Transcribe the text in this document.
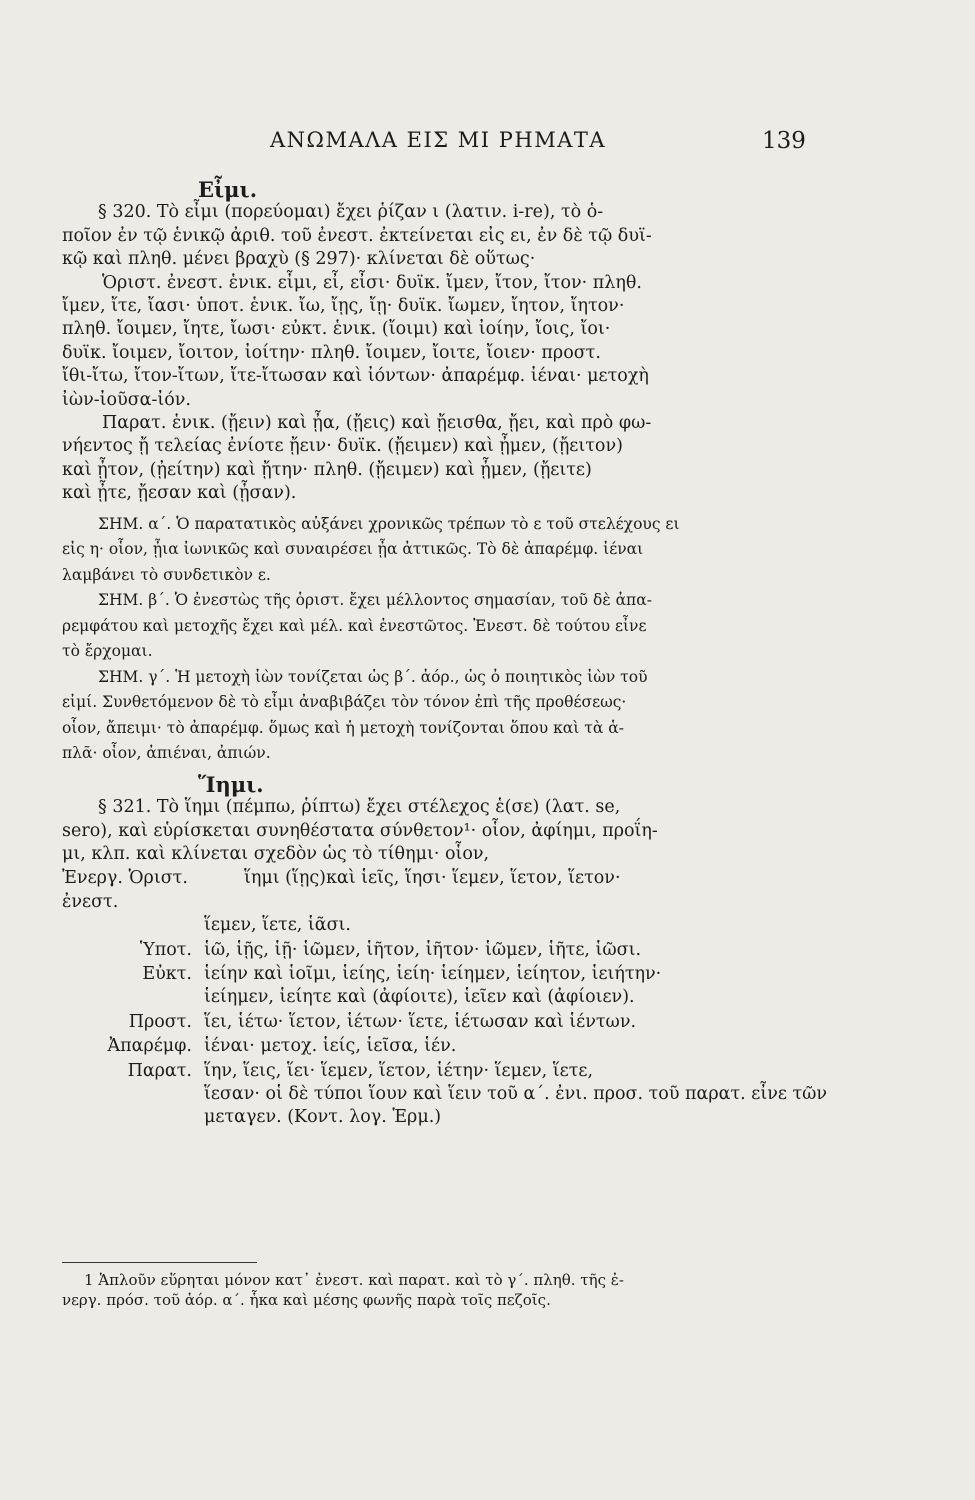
ΑΝΩΜΑΛΑ ΕΙΣ ΜΙ ΡΗΜΑΤΑ	139

Εἶμι.

§ 320. Τὸ εἶμι (πορεύομαι) ἔχει ῥίζαν ι (λατιν. i-re), τὸ ὁ-

ποῖον ἐν τῷ ἑνικῷ ἀριθ. τοῦ ἐνεστ. ἐκτείνεται εἰς ει, ἐν δὲ τῷ δυϊ-

κῷ καὶ πληθ. μένει βραχὺ (§ 297)· κλίνεται δὲ οὕτως·

Ὁριστ. ἐνεστ. ἑνικ. εἶμι, εἶ, εἶσι· δυϊκ. ἴμεν, ἴτον, ἴτον· πληθ.

ἴμεν, ἴτε, ἴασι· ὑποτ. ἑνικ. ἴω, ἴῃς, ἴῃ· δυϊκ. ἴωμεν, ἴητον, ἴητον·

πληθ. ἴοιμεν, ἴητε, ἴωσι· εὐκτ. ἑνικ. (ἴοιμι) καὶ ἰοίην, ἴοις, ἴοι·

δυϊκ. ἴοιμεν, ἴοιτον, ἰοίτην· πληθ. ἴοιμεν, ἴοιτε, ἴοιεν· προστ.

ἴθι-ἴτω, ἴτον-ἴτων, ἴτε-ἴτωσαν καὶ ἰόντων· ἀπαρέμφ. ἰέναι· μετοχὴ

ἰὼν-ἰοῦσα-ἰόν.

Παρατ. ἑνικ. (ᾔειν) καὶ ᾖα, (ᾔεις) καὶ ᾔεισθα, ᾔει, καὶ πρὸ φω-

νήεντος ᾔ τελείας ἐνίοτε ᾔειν· δυϊκ. (ᾔειμεν) καὶ ᾖμεν, (ᾔειτον)

καὶ ᾖτον, (ᾐείτην) καὶ ᾔτην· πληθ. (ᾔειμεν) καὶ ᾖμεν, (ᾔειτε)

καὶ ᾖτε, ᾔεσαν καὶ (ᾖσαν).

ΣΗΜ. α΄. Ὁ παρατατικὸς αὐξάνει χρονικῶς τρέπων τὸ ε τοῦ στελέχους ει

εἰς η· οἷον, ᾖια ἰωνικῶς καὶ συναιρέσει ᾖα ἀττικῶς. Τὸ δὲ ἀπαρέμφ. ἰέναι

λαμβάνει τὸ συνδετικὸν ε.

ΣΗΜ. β΄. Ὁ ἐνεστὼς τῆς ὁριστ. ἔχει μέλλοντος σημασίαν, τοῦ δὲ ἀπα-

ρεμφάτου καὶ μετοχῆς ἔχει καὶ μέλ. καὶ ἐνεστῶτος. Ἐνεστ. δὲ τούτου εἶνε

τὸ ἔρχομαι.

ΣΗΜ. γ΄. Ἡ μετοχὴ ἰὼν τονίζεται ὡς β΄. ἀόρ., ὡς ὁ ποιητικὸς ἰὼν τοῦ

εἰμί. Συνθετόμενον δὲ τὸ εἶμι ἀναβιβάζει τὸν τόνον ἐπὶ τῆς προθέσεως·

οἷον, ἄπειμι· τὸ ἀπαρέμφ. ὅμως καὶ ἡ μετοχὴ τονίζονται ὅπου καὶ τὰ ἁ-

πλᾶ· οἷον, ἀπιέναι, ἀπιών.

Ἵημι.

§ 321. Τὸ ἵημι (πέμπω, ῥίπτω) ἔχει στέλεχος ἑ(σε) (λατ. se,

sero), καὶ εὑρίσκεται συνηθέστατα σύνθετον¹· οἷον, ἀφίημι, προΐη-

μι, κλπ. καὶ κλίνεται σχεδὸν ὡς τὸ τίθημι· οἷον,

Ἐνεργ. Ὁριστ. ἐνεστ.
ἵημι (ἵῃς)καὶ ἱεῖς, ἵησι· ἵεμεν, ἵετον, ἵετον·

ἵεμεν, ἵετε, ἱᾶσι.

Ὑποτ. ἱῶ, ἱῇς, ἱῇ· ἱῶμεν, ἱῆτον, ἱῆτον· ἱῶμεν, ἱῆτε, ἱῶσι.

Εὐκτ. ἱείην καὶ ἱοῖμι, ἱείης, ἱείη· ἱείημεν, ἱείητον, ἱειήτην·

ἱείημεν, ἱείητε καὶ (ἀφίοιτε), ἱεῖεν καὶ (ἀφίοιεν).

Προστ. ἵει, ἱέτω· ἵετον, ἱέτων· ἵετε, ἱέτωσαν καὶ ἱέντων.

Ἀπαρέμφ. ἱέναι· μετοχ. ἱείς, ἱεῖσα, ἱέν.

Παρατ. ἵην, ἵεις, ἵει· ἵεμεν, ἵετον, ἱέτην· ἵεμεν, ἵετε,

ἵεσαν· οἱ δὲ τύποι ἵουν καὶ ἵειν τοῦ α΄. ἐνι. προσ. τοῦ παρατ. εἶνε τῶν μεταγεν. (Κοντ. λογ. Ἑρμ.)

1 Ἁπλοῦν εὕρηται μόνον κατ᾽ ἐνεστ. καὶ παρατ. καὶ τὸ γ΄. πληθ. τῆς ἐ-

νεργ. πρόσ. τοῦ ἀόρ. α΄. ἧκα καὶ μέσης φωνῆς παρὰ τοῖς πεζοῖς.
